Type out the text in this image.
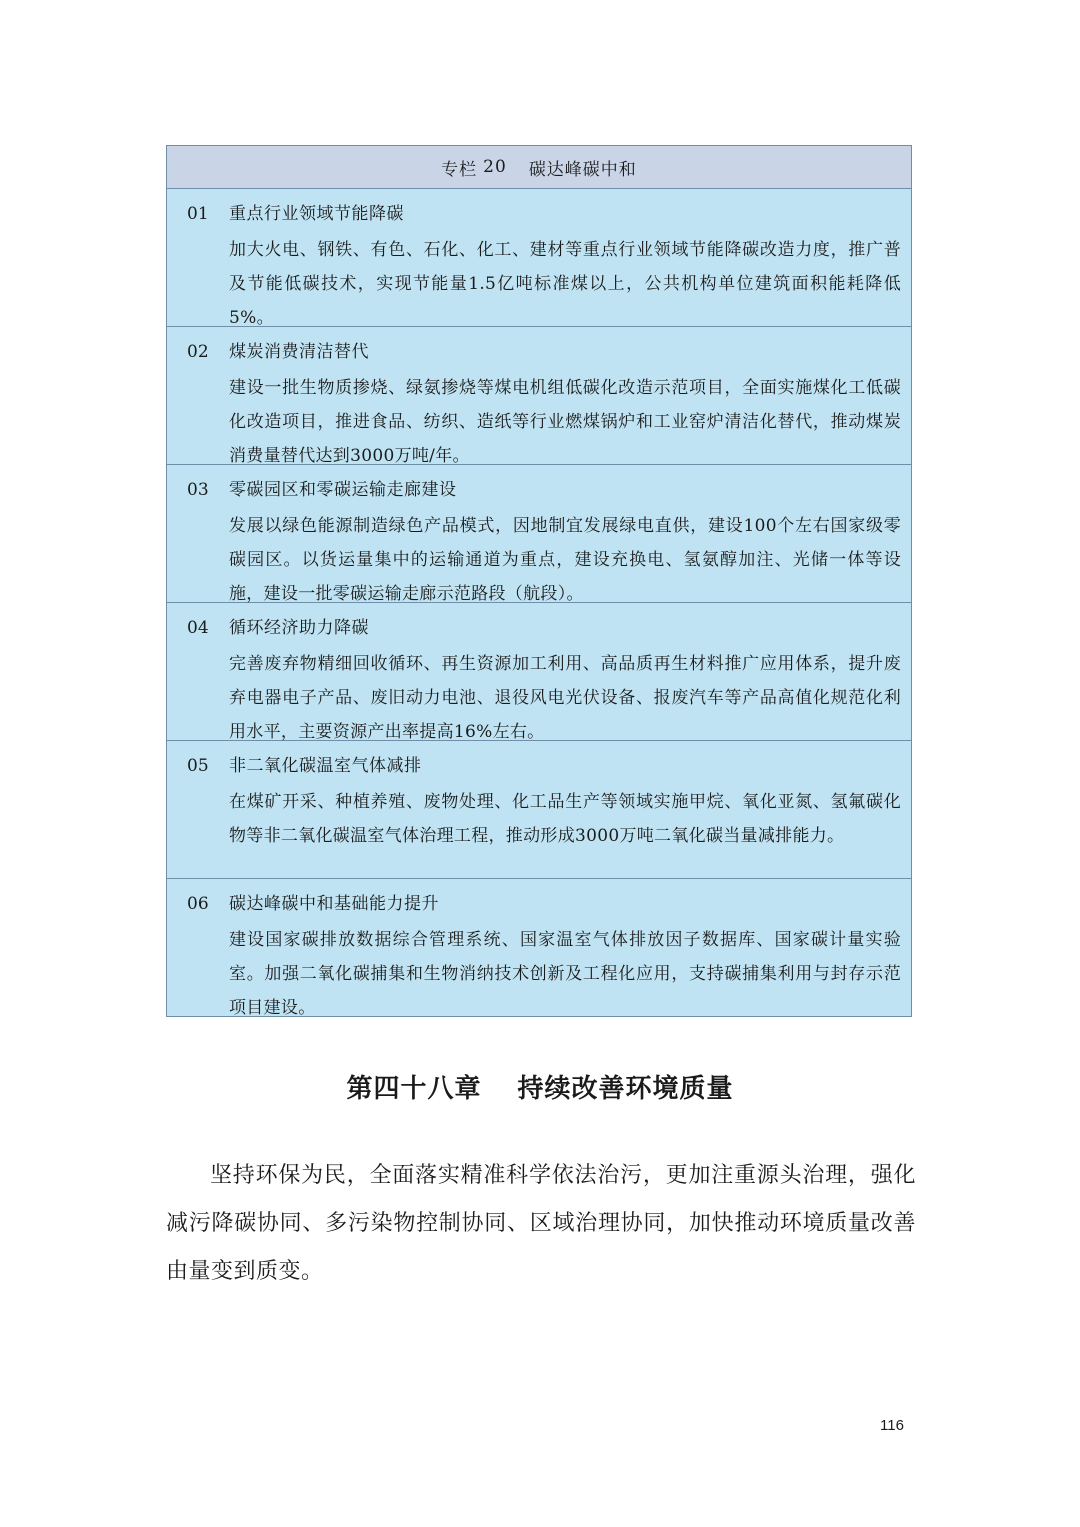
专栏 20 碳达峰碳中和
01	重点行业领域节能降碳
加大火电、钢铁、有色、石化、化工、建材等重点行业领域节能降碳改造力度，推广普及节能低碳技术，实现节能量1.5亿吨标准煤以上，公共机构单位建筑面积能耗降低5%。
02	煤炭消费清洁替代
建设一批生物质掺烧、绿氨掺烧等煤电机组低碳化改造示范项目，全面实施煤化工低碳化改造项目，推进食品、纺织、造纸等行业燃煤锅炉和工业窑炉清洁化替代，推动煤炭消费量替代达到3000万吨/年。
03	零碳园区和零碳运输走廊建设
发展以绿色能源制造绿色产品模式，因地制宜发展绿电直供，建设100个左右国家级零碳园区。以货运量集中的运输通道为重点，建设充换电、氢氨醇加注、光储一体等设施，建设一批零碳运输走廊示范路段（航段）。
04	循环经济助力降碳
完善废弃物精细回收循环、再生资源加工利用、高品质再生材料推广应用体系，提升废弃电器电子产品、废旧动力电池、退役风电光伏设备、报废汽车等产品高值化规范化利用水平，主要资源产出率提高16%左右。
05	非二氧化碳温室气体减排
在煤矿开采、种植养殖、废物处理、化工品生产等领域实施甲烷、氧化亚氮、氢氟碳化物等非二氧化碳温室气体治理工程，推动形成3000万吨二氧化碳当量减排能力。
06	碳达峰碳中和基础能力提升
建设国家碳排放数据综合管理系统、国家温室气体排放因子数据库、国家碳计量实验室。加强二氧化碳捕集和生物消纳技术创新及工程化应用，支持碳捕集利用与封存示范项目建设。
第四十八章 持续改善环境质量
坚持环保为民，全面落实精准科学依法治污，更加注重源头治理，强化减污降碳协同、多污染物控制协同、区域治理协同，加快推动环境质量改善由量变到质变。
116
